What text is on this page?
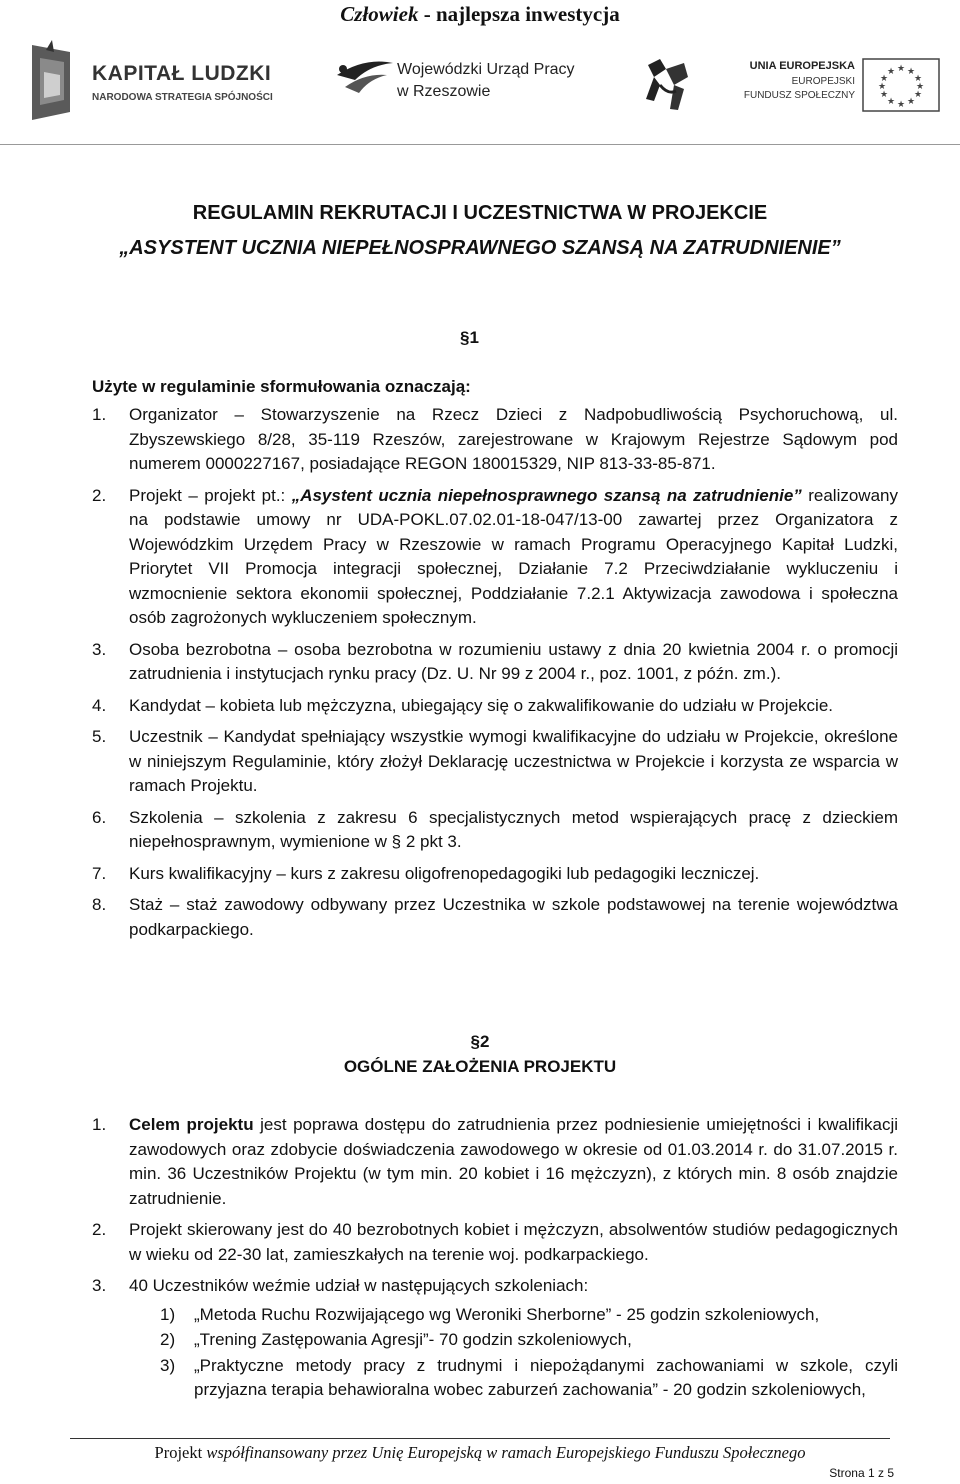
Człowiek - najlepsza inwestycja
KAPITAŁ LUDZKI
NARODOWA STRATEGIA SPÓJNOŚCI
Wojewódzki Urząd Pracy
w Rzeszowie
UNIA EUROPEJSKA
EUROPEJSKI
FUNDUSZ SPOŁECZNY
★ ★
★
★
★
★
★
★
★
★
★
★
REGULAMIN REKRUTACJI I UCZESTNICTWA W PROJEKCIE
„ASYSTENT UCZNIA NIEPEŁNOSPRAWNEGO SZANSĄ NA ZATRUDNIENIE”
§1
Użyte w regulaminie sformułowania oznaczają:
1. Organizator – Stowarzyszenie na Rzecz Dzieci z Nadpobudliwością Psychoruchową, ul. Zbyszewskiego 8/28, 35-119 Rzeszów, zarejestrowane w Krajowym Rejestrze Sądowym pod numerem 0000227167, posiadające REGON 180015329, NIP 813-33-85-871.
2. Projekt – projekt pt.: „Asystent ucznia niepełnosprawnego szansą na zatrudnienie” realizowany na podstawie umowy nr UDA-POKL.07.02.01-18-047/13-00 zawartej przez Organizatora z Wojewódzkim Urzędem Pracy w Rzeszowie w ramach Programu Operacyjnego Kapitał Ludzki, Priorytet VII Promocja integracji społecznej, Działanie 7.2 Przeciwdziałanie wykluczeniu i wzmocnienie sektora ekonomii społecznej, Poddziałanie 7.2.1 Aktywizacja zawodowa i społeczna osób zagrożonych wykluczeniem społecznym.
3. Osoba bezrobotna – osoba bezrobotna w rozumieniu ustawy z dnia 20 kwietnia 2004 r. o promocji zatrudnienia i instytucjach rynku pracy (Dz. U. Nr 99 z 2004 r., poz. 1001, z późn. zm.).
4. Kandydat – kobieta lub mężczyzna, ubiegający się o zakwalifikowanie do udziału w Projekcie.
5. Uczestnik – Kandydat spełniający wszystkie wymogi kwalifikacyjne do udziału w Projekcie, określone w niniejszym Regulaminie, który złożył Deklarację uczestnictwa w Projekcie i korzysta ze wsparcia w ramach Projektu.
6. Szkolenia – szkolenia z zakresu 6 specjalistycznych metod wspierających pracę z dzieckiem niepełnosprawnym, wymienione w § 2 pkt 3.
7. Kurs kwalifikacyjny – kurs z zakresu oligofrenopedagogiki lub pedagogiki leczniczej.
8. Staż – staż zawodowy odbywany przez Uczestnika w szkole podstawowej na terenie województwa podkarpackiego.
§2
OGÓLNE ZAŁOŻENIA PROJEKTU
1. Celem projektu jest poprawa dostępu do zatrudnienia przez podniesienie umiejętności i kwalifikacji zawodowych oraz zdobycie doświadczenia zawodowego w okresie od 01.03.2014 r. do 31.07.2015 r. min. 36 Uczestników Projektu (w tym min. 20 kobiet i 16 mężczyzn), z których min. 8 osób znajdzie zatrudnienie.
2. Projekt skierowany jest do 40 bezrobotnych kobiet i mężczyzn, absolwentów studiów pedagogicznych w wieku od 22-30 lat, zamieszkałych na terenie woj. podkarpackiego.
3. 40 Uczestników weźmie udział w następujących szkoleniach:
1) „Metoda Ruchu Rozwijającego wg Weroniki Sherborne” - 25 godzin szkoleniowych,
2) „Trening Zastępowania Agresji”- 70 godzin szkoleniowych,
3) „Praktyczne metody pracy z trudnymi i niepożądanymi zachowaniami w szkole, czyli przyjazna terapia behawioralna wobec zaburzeń zachowania” - 20 godzin szkoleniowych,
Projekt współfinansowany przez Unię Europejską w ramach Europejskiego Funduszu Społecznego
Strona 1 z 5
